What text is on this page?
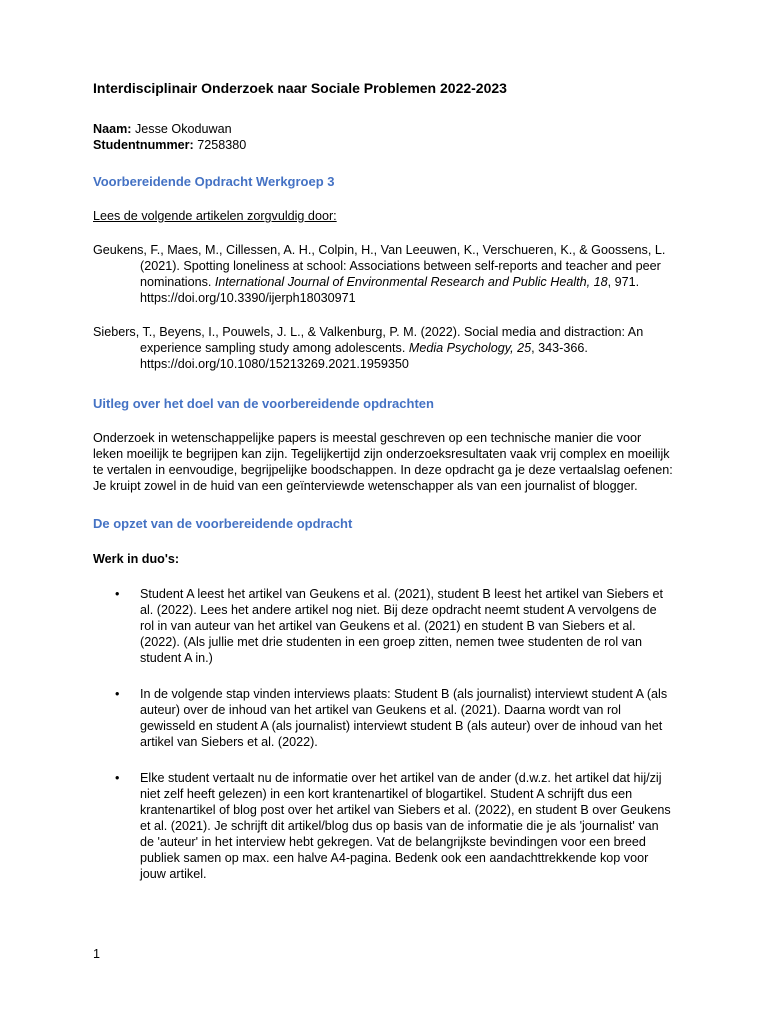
Interdisciplinair Onderzoek naar Sociale Problemen 2022-2023

Naam: Jesse Okoduwan

Studentnummer: 7258380

Voorbereidende Opdracht Werkgroep 3

Lees de volgende artikelen zorgvuldig door:

Geukens, F., Maes, M., Cillessen, A. H., Colpin, H., Van Leeuwen, K., Verschueren, K., & Goossens, L. (2021). Spotting loneliness at school: Associations between self-reports and teacher and peer nominations. International Journal of Environmental Research and Public Health, 18, 971. https://doi.org/10.3390/ijerph18030971

Siebers, T., Beyens, I., Pouwels, J. L., & Valkenburg, P. M. (2022). Social media and distraction: An experience sampling study among adolescents. Media Psychology, 25, 343-366. https://doi.org/10.1080/15213269.2021.1959350

Uitleg over het doel van de voorbereidende opdrachten

Onderzoek in wetenschappelijke papers is meestal geschreven op een technische manier die voor leken moeilijk te begrijpen kan zijn. Tegelijkertijd zijn onderzoeksresultaten vaak vrij complex en moeilijk te vertalen in eenvoudige, begrijpelijke boodschappen. In deze opdracht ga je deze vertaalslag oefenen: Je kruipt zowel in de huid van een geïnterviewde wetenschapper als van een journalist of blogger.

De opzet van de voorbereidende opdracht

Werk in duo's:

• Student A leest het artikel van Geukens et al. (2021), student B leest het artikel van Siebers et al. (2022). Lees het andere artikel nog niet. Bij deze opdracht neemt student A vervolgens de rol in van auteur van het artikel van Geukens et al. (2021) en student B van Siebers et al. (2022). (Als jullie met drie studenten in een groep zitten, nemen twee studenten de rol van student A in.)
• In de volgende stap vinden interviews plaats: Student B (als journalist) interviewt student A (als auteur) over de inhoud van het artikel van Geukens et al. (2021). Daarna wordt van rol gewisseld en student A (als journalist) interviewt student B (als auteur) over de inhoud van het artikel van Siebers et al. (2022).
• Elke student vertaalt nu de informatie over het artikel van de ander (d.w.z. het artikel dat hij/zij niet zelf heeft gelezen) in een kort krantenartikel of blogartikel. Student A schrijft dus een krantenartikel of blog post over het artikel van Siebers et al. (2022), en student B over Geukens et al. (2021). Je schrijft dit artikel/blog dus op basis van de informatie die je als 'journalist' van de 'auteur' in het interview hebt gekregen. Vat de belangrijkste bevindingen voor een breed publiek samen op max. een halve A4-pagina. Bedenk ook een aandachttrekkende kop voor jouw artikel.
1
